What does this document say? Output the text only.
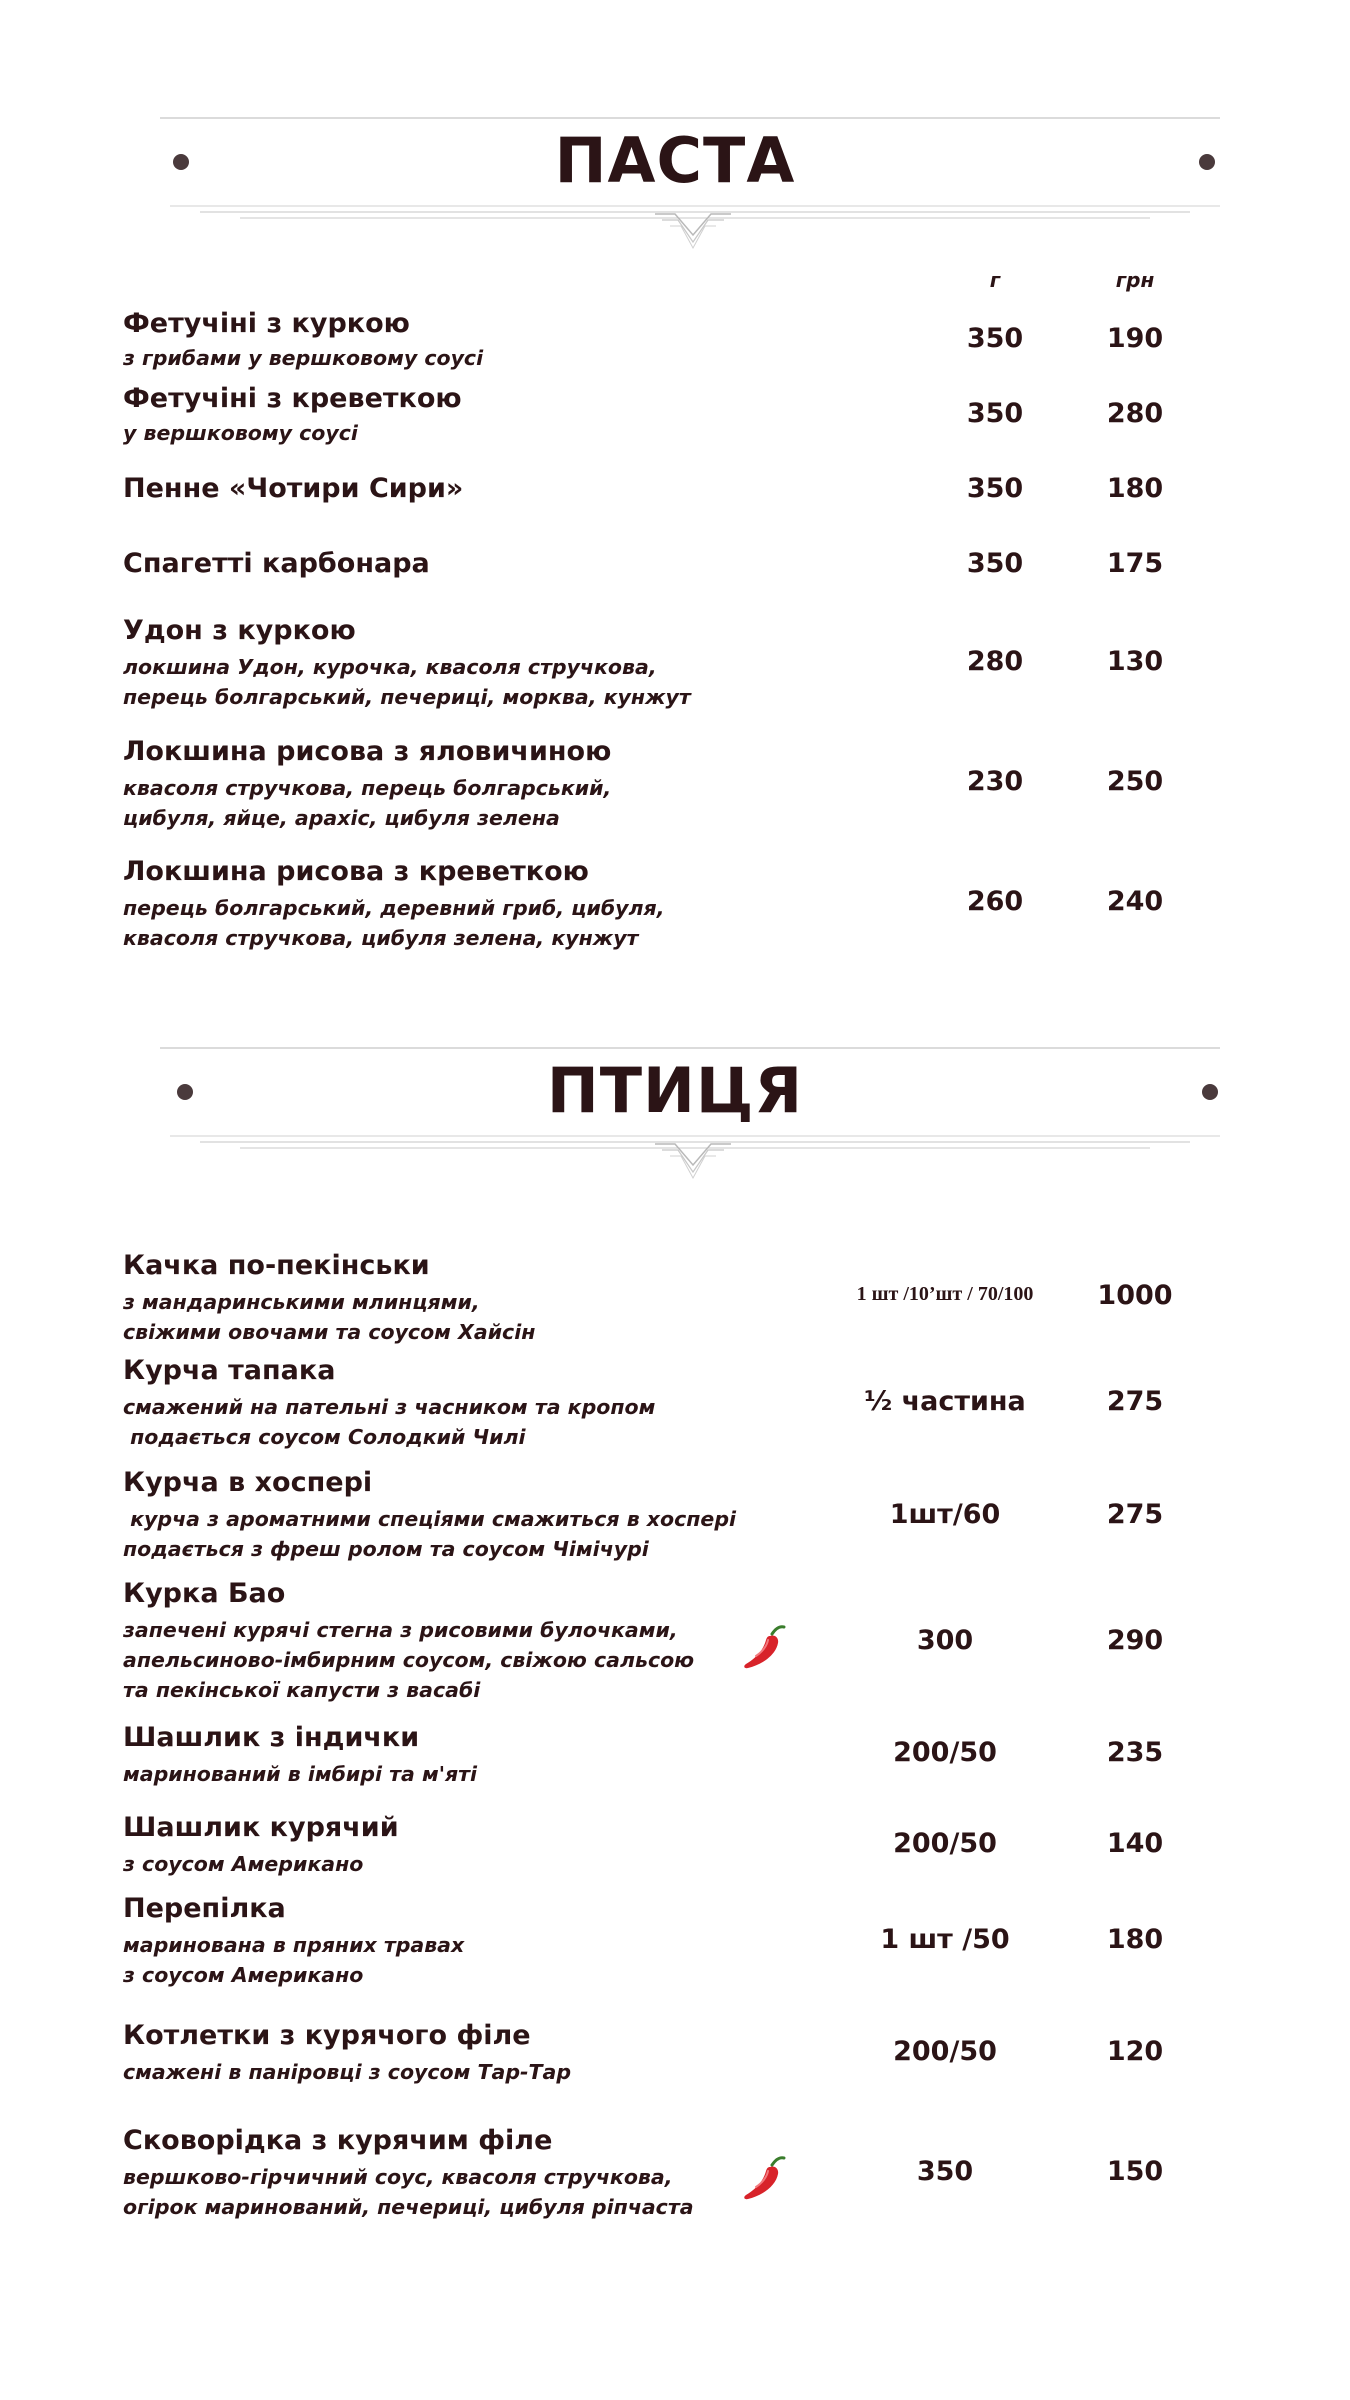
ПАСТА
г	грн
Фетучіні з куркою
з грибами у вершковому соусі
350	190
Фетучіні з креветкою
у вершковому соусі
350	280
Пенне «Чотири Сири»	350	180
Спагетті карбонара	350	175
Удон з куркою
локшина Удон, курочка, квасоля стручкова,
перець болгарський, печериці, морква, кунжут
280	130
Локшина рисова з яловичиною
квасоля стручкова, перець болгарський,
цибуля, яйце, арахіс, цибуля зелена
230	250
Локшина рисова з креветкою
перець болгарський, деревний гриб, цибуля,
квасоля стручкова, цибуля зелена, кунжут
260	240
ПТИЦЯ
Качка по-пекінськи
з мандаринськими млинцями,
свіжими овочами та соусом Хайсін
1 шт /10’шт / 70/100	1000
Курча тапака
смажений на пательні з часником та кропом
подається соусом Солодкий Чилі
½ частина	275
Курча в хоспері
курча з ароматними спеціями смажиться в хоспері
подається з фреш ролом та соусом Чімічурі
1шт/60	275
Курка Бао
запечені курячі стегна з рисовими булочками,
апельсиново-імбирним соусом, свіжою сальсою
та пекінської капусти з васабі
300	290
Шашлик з індички
маринований в імбирі та м'яті
200/50	235
Шашлик курячий
з соусом Американо
200/50	140
Перепілка
маринована в пряних травах
з соусом Американо
1 шт /50	180
Котлетки з курячого філе
смажені в паніровці з соусом Тар-Тар
200/50	120
Сковорідка з курячим філе
вершково-гірчичний соус, квасоля стручкова,
огірок маринований, печериці, цибуля ріпчаста
350	150
